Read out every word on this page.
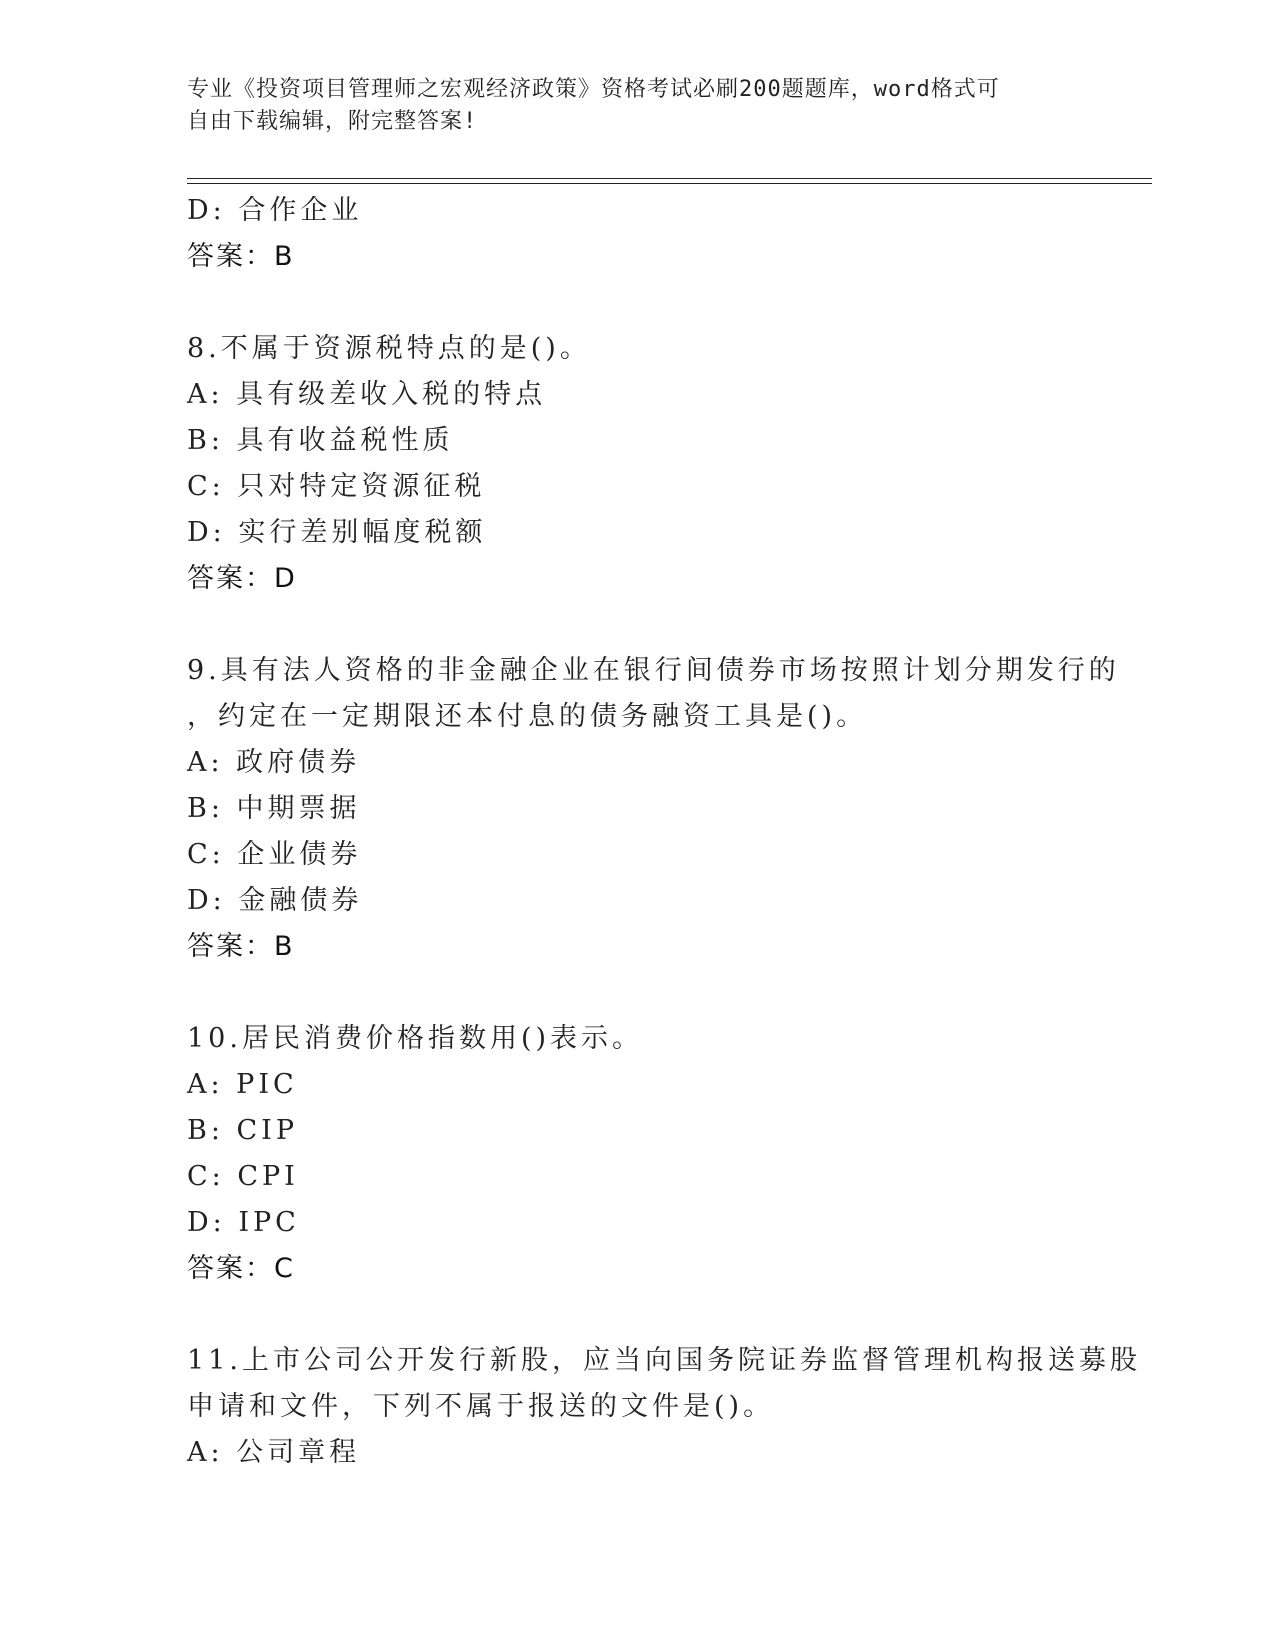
专业《投资项目管理师之宏观经济政策》资格考试必刷200题题库，word格式可
自由下载编辑，附完整答案!
D: 合作企业
答案：B
8.不属于资源税特点的是()。
A: 具有级差收入税的特点
B: 具有收益税性质
C: 只对特定资源征税
D: 实行差别幅度税额
答案：D
9.具有法人资格的非金融企业在银行间债券市场按照计划分期发行的
，约定在一定期限还本付息的债务融资工具是()。
A: 政府债券
B: 中期票据
C: 企业债券
D: 金融债券
答案：B
10.居民消费价格指数用()表示。
A: PIC
B: CIP
C: CPI
D: IPC
答案：C
11.上市公司公开发行新股，应当向国务院证券监督管理机构报送募股
申请和文件，下列不属于报送的文件是()。
A: 公司章程
